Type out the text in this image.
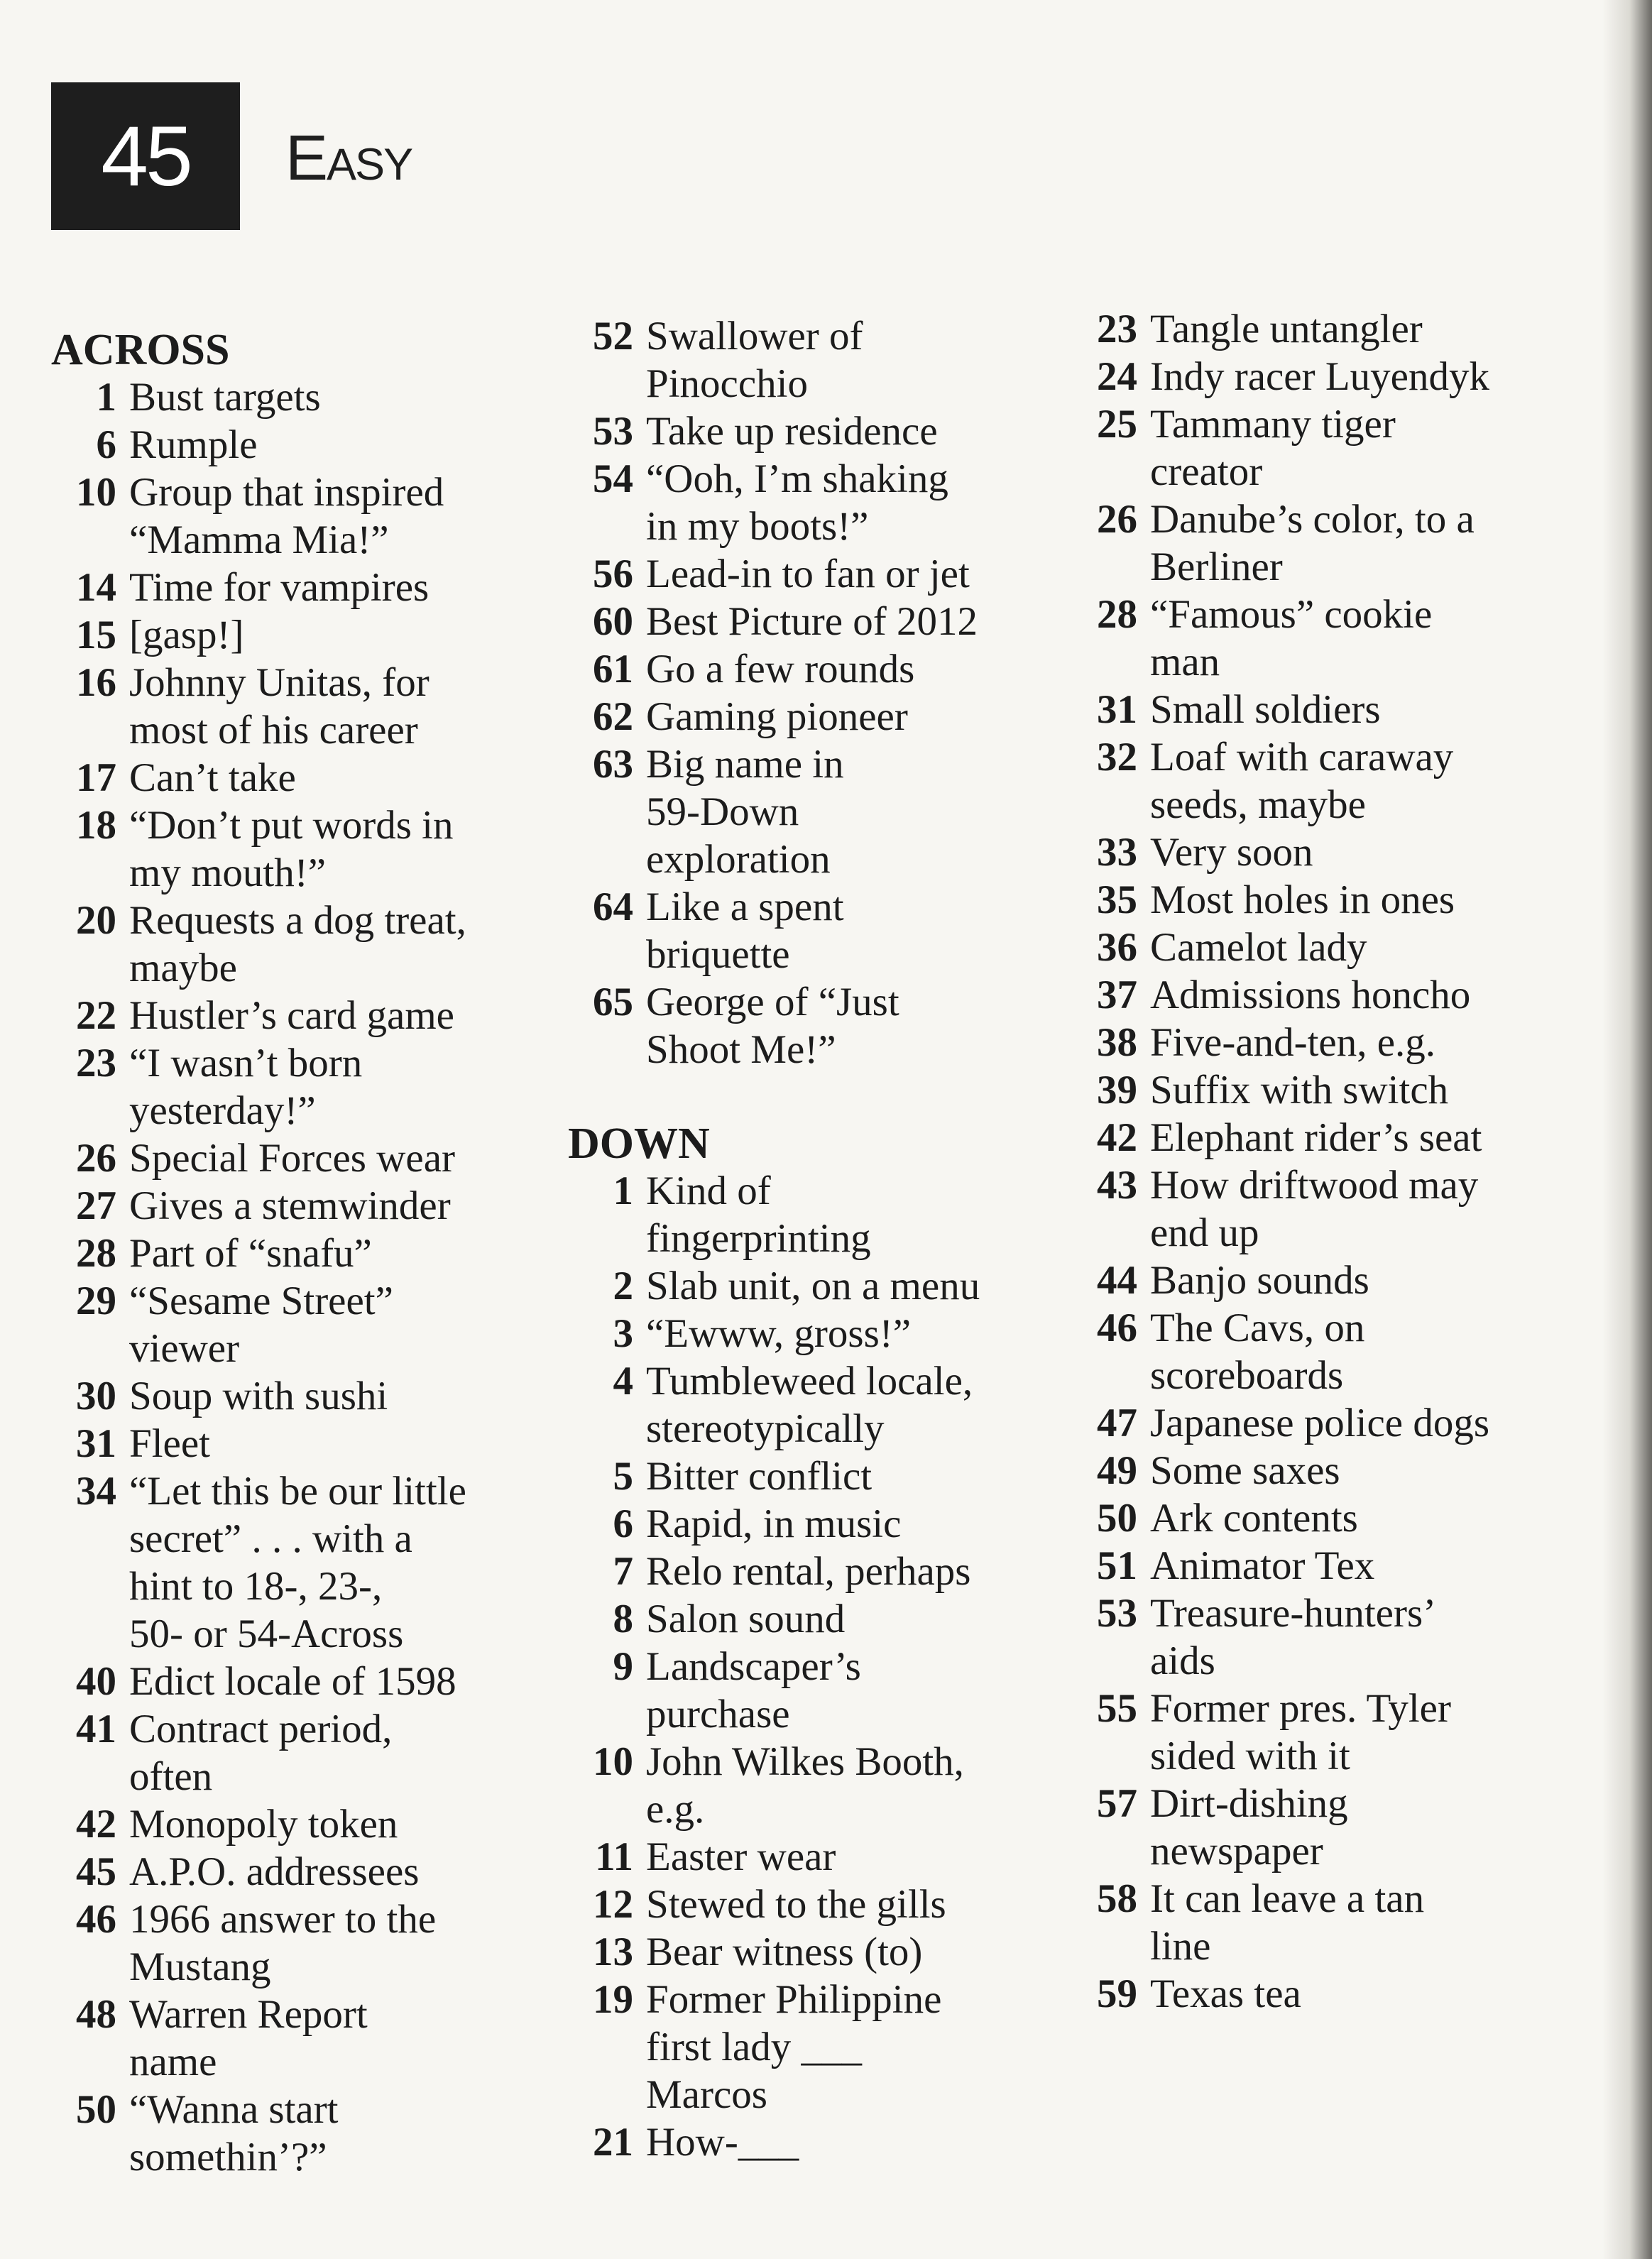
45	Easy
ACROSS
1 Bust targets
6 Rumple
10 Group that inspired
“Mamma Mia!”
14 Time for vampires
15 [gasp!]
16 Johnny Unitas, for
most of his career
17 Can’t take
18 “Don’t put words in
my mouth!”
20 Requests a dog treat,
maybe
22 Hustler’s card game
23 “I wasn’t born
yesterday!”
26 Special Forces wear
27 Gives a stemwinder
28 Part of “snafu”
29 “Sesame Street”
viewer
30 Soup with sushi
31 Fleet
34 “Let this be our little
secret” . . . with a
hint to 18-, 23-,
50- or 54-Across
40 Edict locale of 1598
41 Contract period,
often
42 Monopoly token
45 A.P.O. addressees
46 1966 answer to the
Mustang
48 Warren Report
name
50 “Wanna start
somethin’?”
52 Swallower of
Pinocchio
53 Take up residence
54 “Ooh, I’m shaking
in my boots!”
56 Lead-in to fan or jet
60 Best Picture of 2012
61 Go a few rounds
62 Gaming pioneer
63 Big name in
59-Down
exploration
64 Like a spent
briquette
65 George of “Just
Shoot Me!”
DOWN
1 Kind of
fingerprinting
2 Slab unit, on a menu
3 “Ewww, gross!”
4 Tumbleweed locale,
stereotypically
5 Bitter conflict
6 Rapid, in music
7 Relo rental, perhaps
8 Salon sound
9 Landscaper’s
purchase
10 John Wilkes Booth,
e.g.
11 Easter wear
12 Stewed to the gills
13 Bear witness (to)
19 Former Philippine
first lady ___
Marcos
21 How-___
23 Tangle untangler
24 Indy racer Luyendyk
25 Tammany tiger
creator
26 Danube’s color, to a
Berliner
28 “Famous” cookie
man
31 Small soldiers
32 Loaf with caraway
seeds, maybe
33 Very soon
35 Most holes in ones
36 Camelot lady
37 Admissions honcho
38 Five-and-ten, e.g.
39 Suffix with switch
42 Elephant rider’s seat
43 How driftwood may
end up
44 Banjo sounds
46 The Cavs, on
scoreboards
47 Japanese police dogs
49 Some saxes
50 Ark contents
51 Animator Tex
53 Treasure-hunters’
aids
55 Former pres. Tyler
sided with it
57 Dirt-dishing
newspaper
58 It can leave a tan
line
59 Texas tea
